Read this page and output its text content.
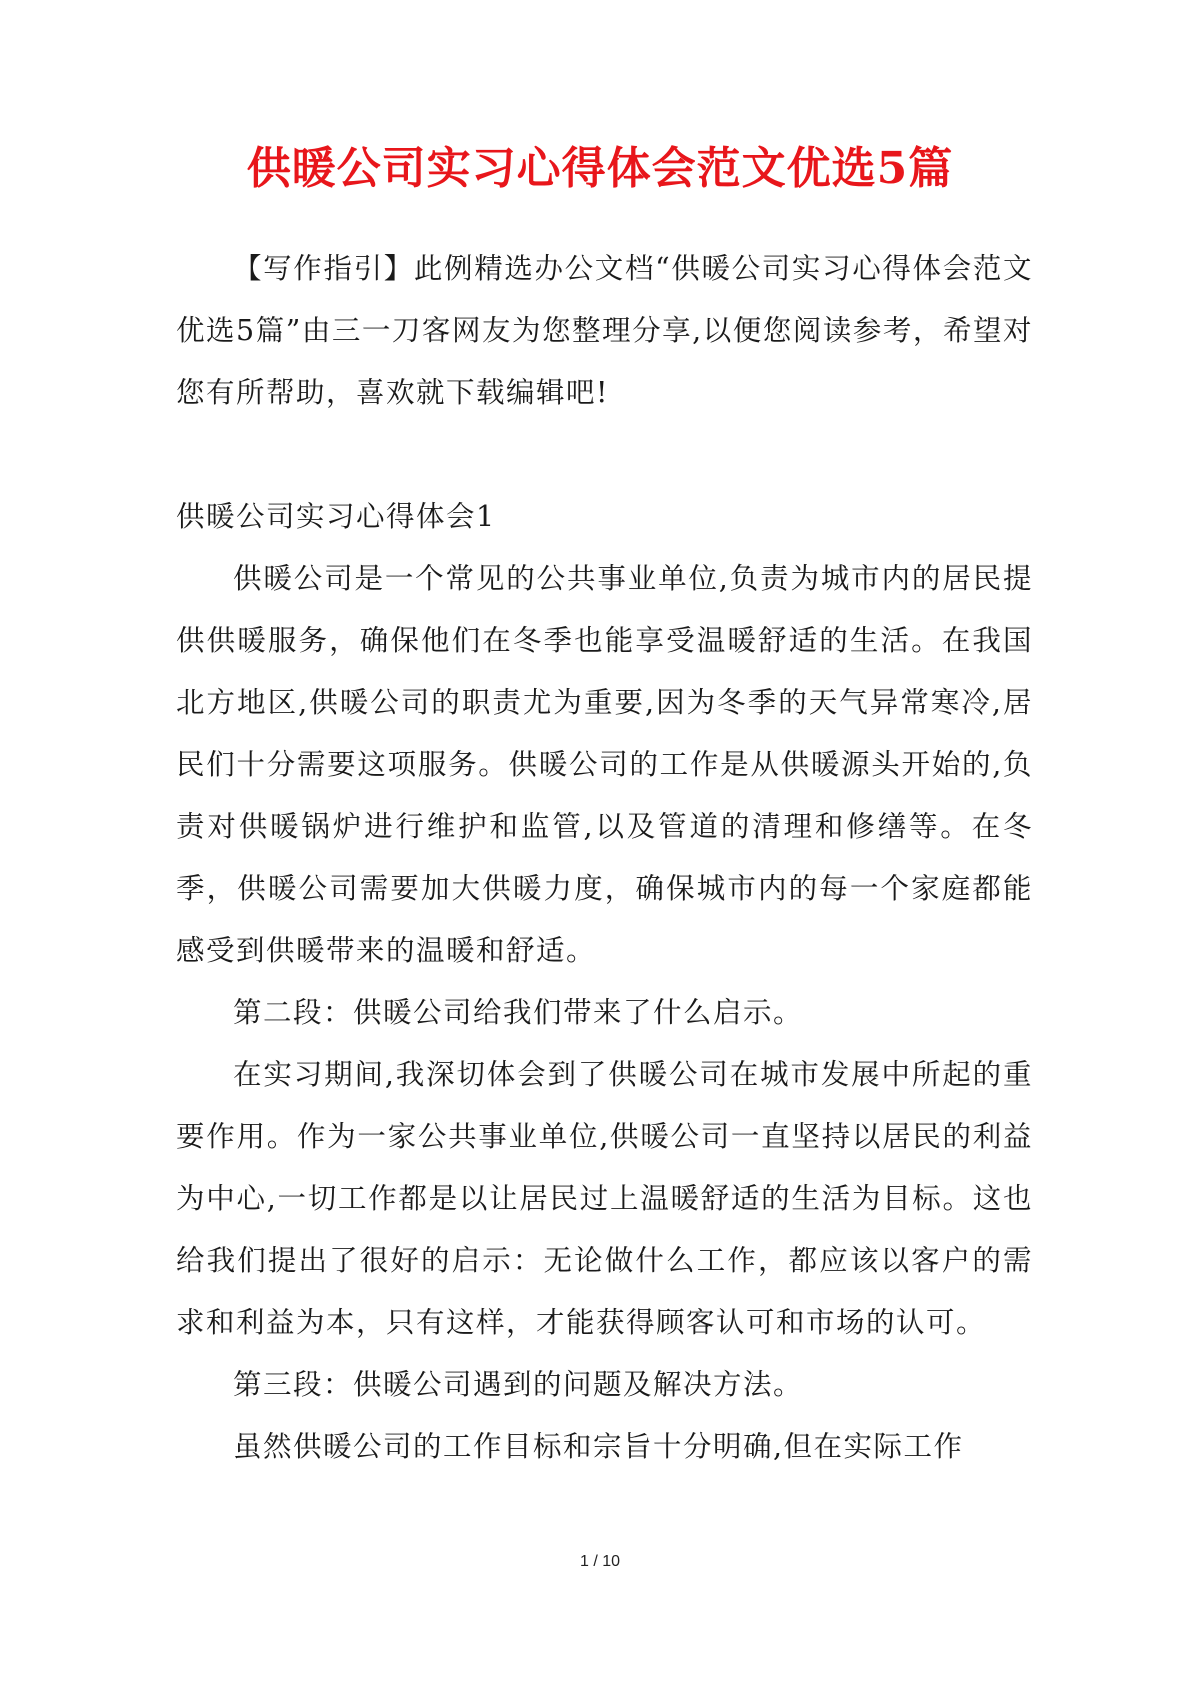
供暖公司实习心得体会范文优选5篇

【写作指引】此例精选办公文档“供暖公司实习心得体会范文优选5篇”由三一刀客网友为您整理分享,以便您阅读参考，希望对您有所帮助，喜欢就下载编辑吧!

供暖公司实习心得体会1

供暖公司是一个常见的公共事业单位,负责为城市内的居民提供供暖服务，确保他们在冬季也能享受温暖舒适的生活。在我国北方地区,供暖公司的职责尤为重要,因为冬季的天气异常寒冷,居民们十分需要这项服务。供暖公司的工作是从供暖源头开始的,负责对供暖锅炉进行维护和监管,以及管道的清理和修缮等。在冬季，供暖公司需要加大供暖力度，确保城市内的每一个家庭都能感受到供暖带来的温暖和舒适。

第二段：供暖公司给我们带来了什么启示。

在实习期间,我深切体会到了供暖公司在城市发展中所起的重要作用。作为一家公共事业单位,供暖公司一直坚持以居民的利益为中心,一切工作都是以让居民过上温暖舒适的生活为目标。这也给我们提出了很好的启示：无论做什么工作，都应该以客户的需求和利益为本，只有这样，才能获得顾客认可和市场的认可。

第三段：供暖公司遇到的问题及解决方法。

虽然供暖公司的工作目标和宗旨十分明确,但在实际工作

1 / 10
